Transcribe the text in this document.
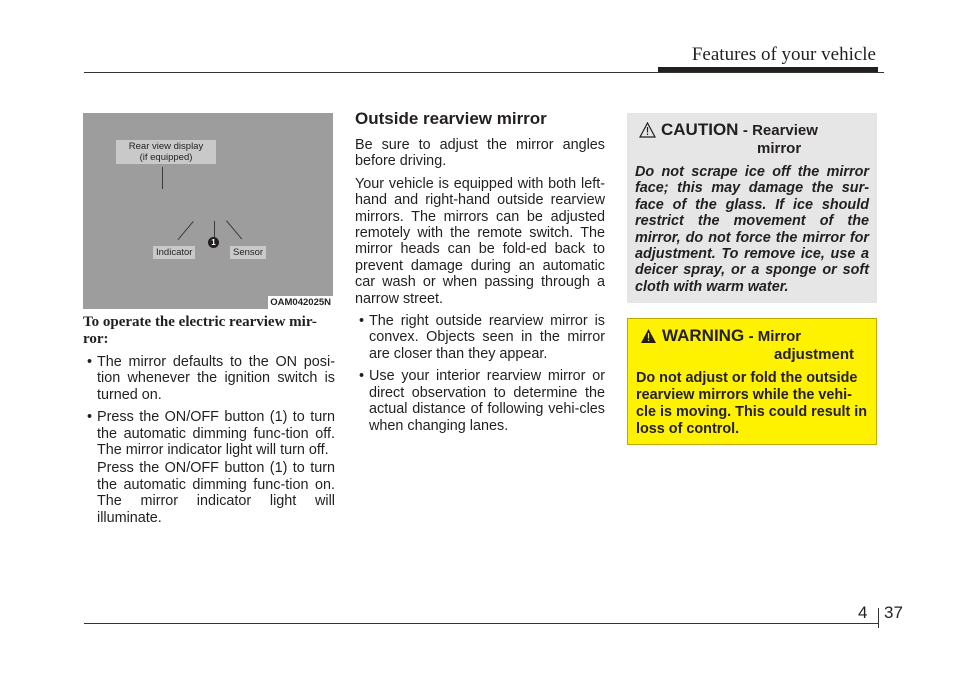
Features of your vehicle
Rear view display
(if equipped)
1
Indicator	Sensor
OAM042025N

To operate the electric rearview mir-ror:

• The mirror defaults to the ON posi-tion whenever the ignition switch is turned on.
• Press the ON/OFF button (1) to turn the automatic dimming func-tion off. The mirror indicator light will turn off.

Press the ON/OFF button (1) to turn the automatic dimming func-tion on. The mirror indicator light will illuminate.

Outside rearview mirror

Be sure to adjust the mirror angles before driving.

Your vehicle is equipped with both left-hand and right-hand outside rearview mirrors. The mirrors can be adjusted remotely with the remote switch. The mirror heads can be fold-ed back to prevent damage during an automatic car wash or when passing through a narrow street.

• The right outside rearview mirror is convex. Objects seen in the mirror are closer than they appear.
• Use your interior rearview mirror or direct observation to determine the actual distance of following vehi-cles when changing lanes.
CAUTION - Rearview
mirror

Do not scrape ice off the mirror face; this may damage the sur-face of the glass. If ice should restrict the movement of the mirror, do not force the mirror for adjustment. To remove ice, use a deicer spray, or a sponge or soft cloth with warm water.

WARNING - Mirror
adjustment

Do not adjust or fold the outside rearview mirrors while the vehi-cle is moving. This could result in loss of control.

4 37
